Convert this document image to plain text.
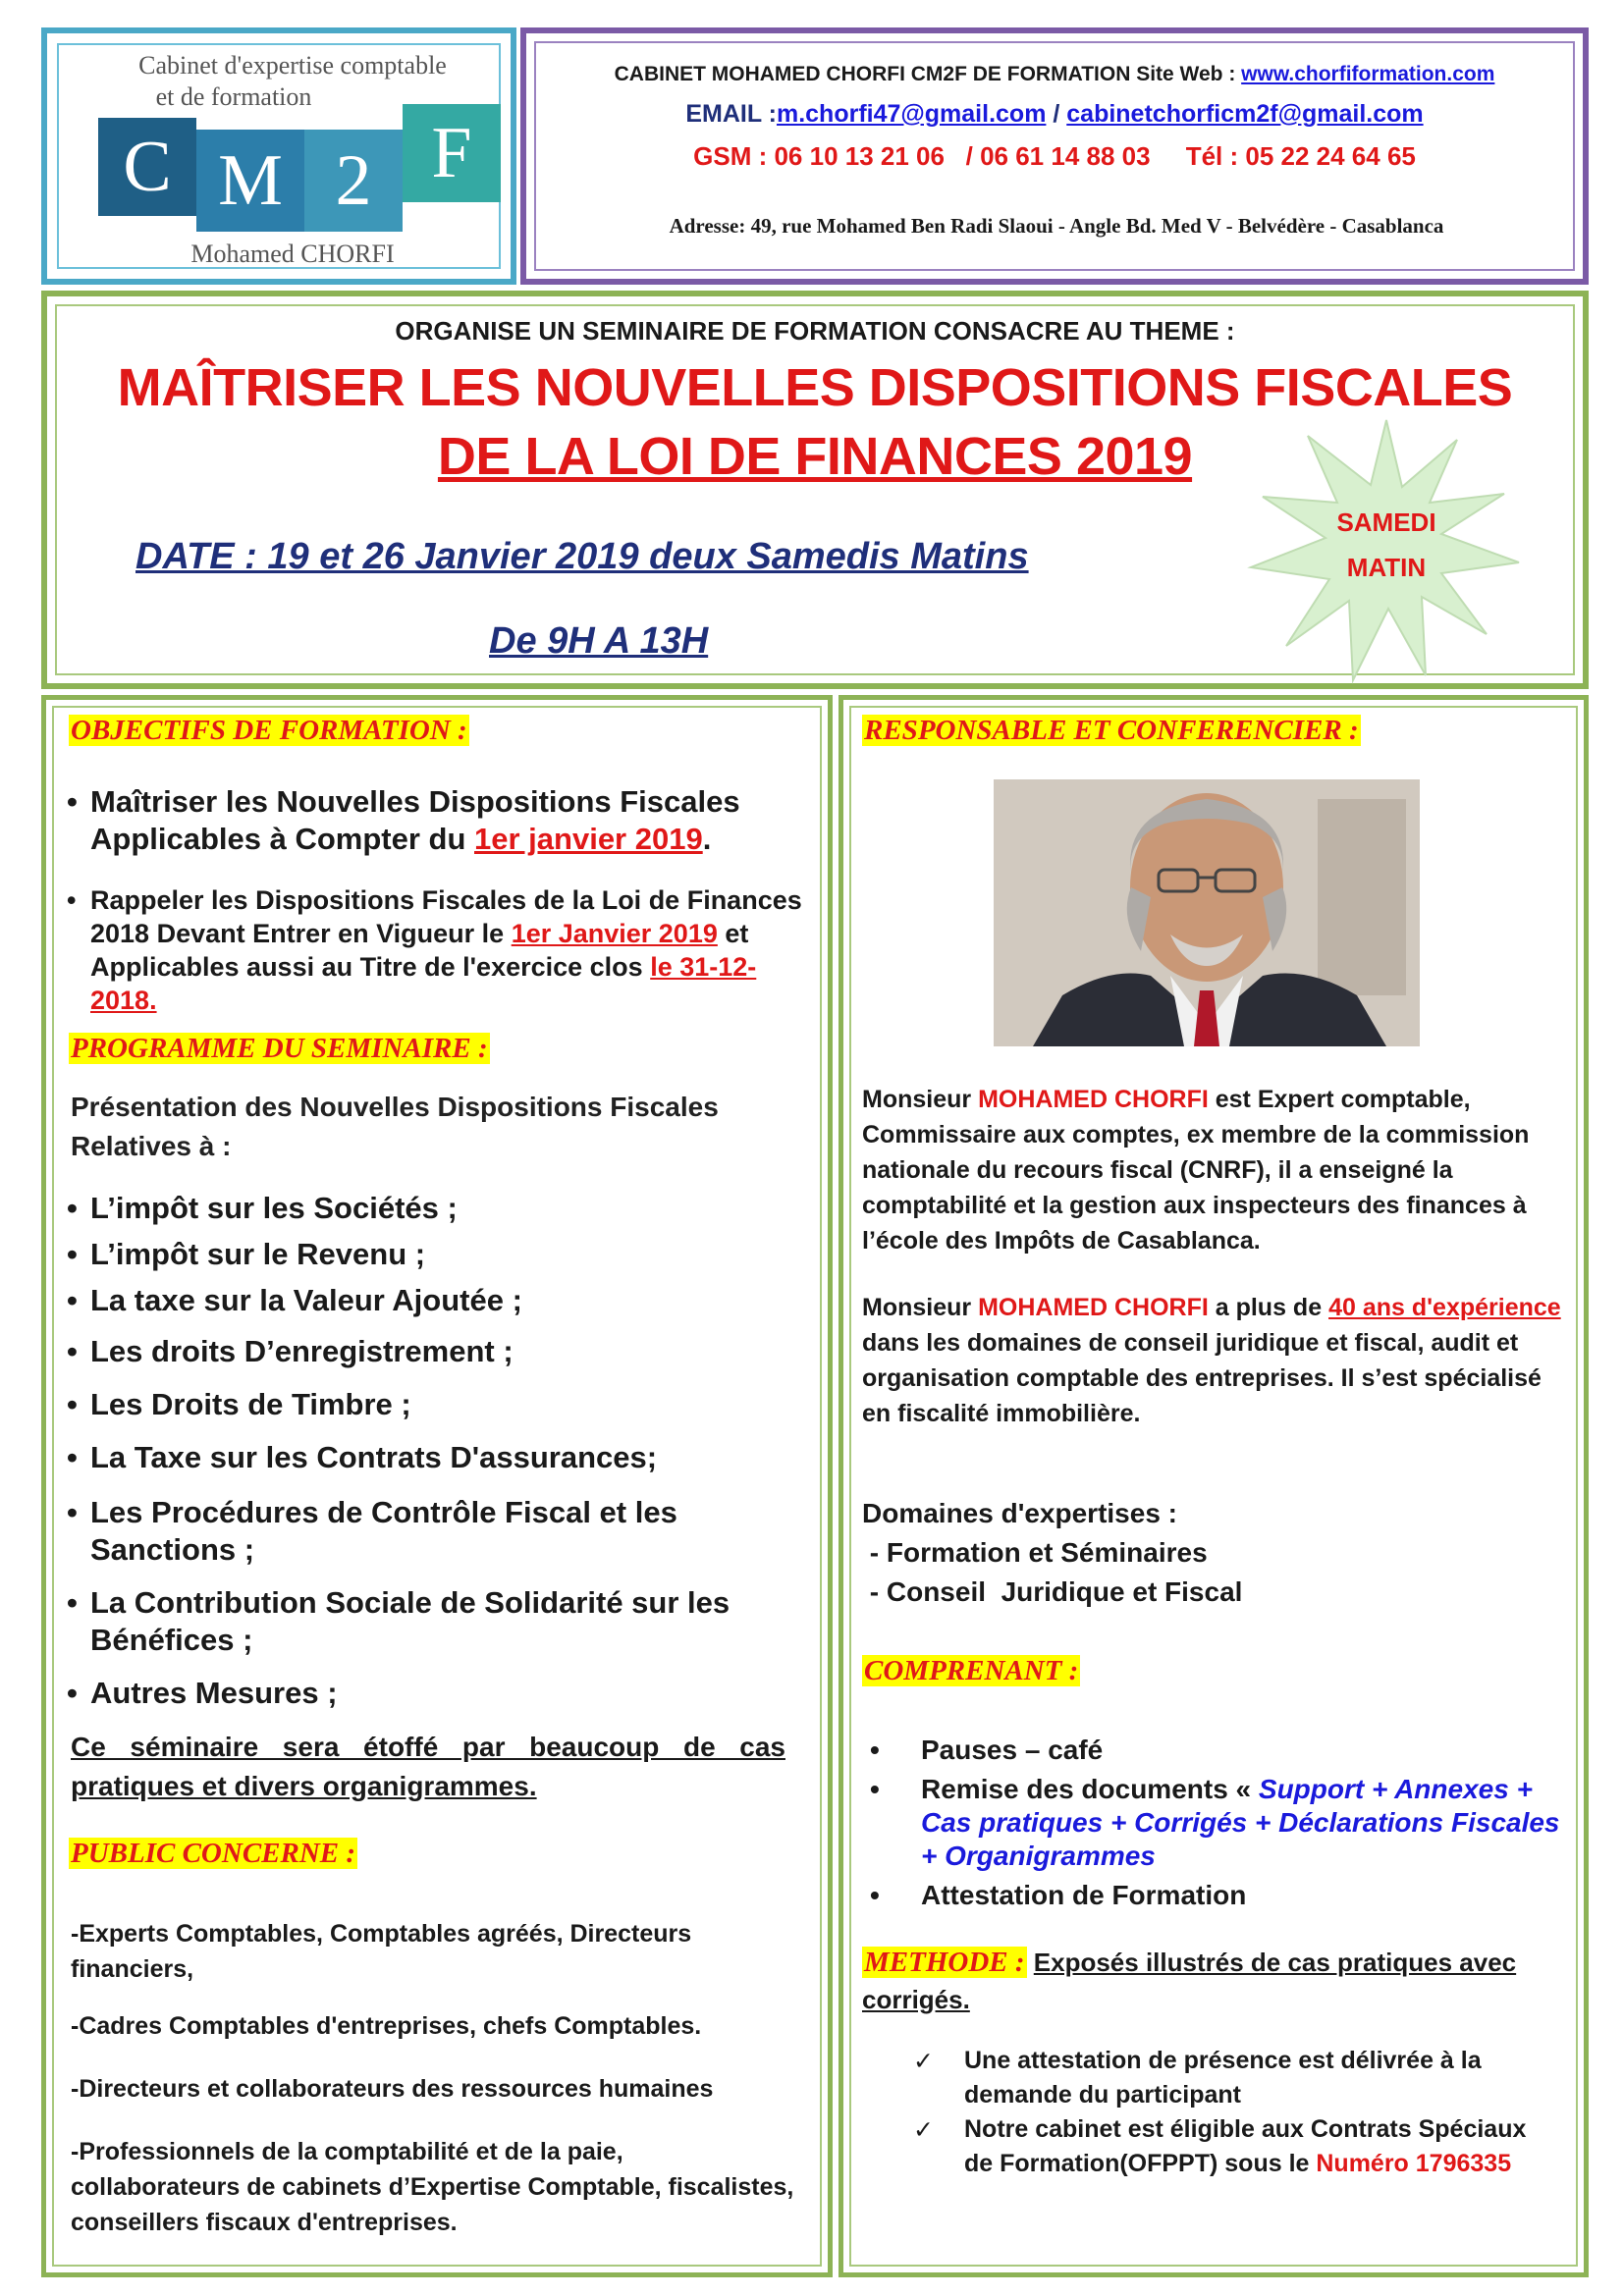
Cabinet d'expertise comptable
et de formation
C M 2 F
Mohamed CHORFI
CABINET MOHAMED CHORFI CM2F DE FORMATION Site Web : www.chorfiformation.com
EMAIL :m.chorfi47@gmail.com / cabinetchorficm2f@gmail.com
GSM : 06 10 13 21 06   / 06 61 14 88 03     Tél : 05 22 24 64 65
Adresse: 49, rue Mohamed Ben Radi Slaoui - Angle Bd. Med V - Belvédère - Casablanca
ORGANISE UN SEMINAIRE DE FORMATION CONSACRE AU THEME :
MAÎTRISER LES NOUVELLES DISPOSITIONS FISCALES
DE LA LOI DE FINANCES 2019
DATE : 19 et 26 Janvier 2019 deux Samedis Matins
De 9H A 13H
SAMEDI
MATIN
OBJECTIFS DE FORMATION :
• Maîtriser les Nouvelles Dispositions Fiscales Applicables à Compter du 1er janvier 2019.
• Rappeler les Dispositions Fiscales de la Loi de Finances 2018 Devant Entrer en Vigueur le 1er Janvier 2019 et Applicables aussi au Titre de l'exercice clos le 31-12-2018.
PROGRAMME DU SEMINAIRE :
Présentation des Nouvelles Dispositions Fiscales Relatives à :
• L’impôt sur les Sociétés ;
• L’impôt sur le Revenu ;
• La taxe sur la Valeur Ajoutée ;
• Les droits D’enregistrement ;
• Les Droits de Timbre ;
• La Taxe sur les Contrats D'assurances;
• Les Procédures de Contrôle Fiscal et les Sanctions ;
• La Contribution Sociale de Solidarité sur les Bénéfices ;
• Autres Mesures ;
Ce séminaire sera étoffé par beaucoup de cas pratiques et divers organigrammes.
PUBLIC CONCERNE :
-Experts Comptables, Comptables agréés, Directeurs financiers,
-Cadres Comptables d'entreprises, chefs Comptables.
-Directeurs et collaborateurs des ressources humaines
-Professionnels de la comptabilité et de la paie, collaborateurs de cabinets d’Expertise Comptable, fiscalistes, conseillers fiscaux d'entreprises.
RESPONSABLE ET CONFERENCIER :
Monsieur MOHAMED CHORFI est Expert comptable, Commissaire aux comptes, ex membre de la commission nationale du recours fiscal (CNRF), il a enseigné la comptabilité et la gestion aux inspecteurs des finances à l’école des Impôts de Casablanca.
Monsieur MOHAMED CHORFI a plus de 40 ans d'expérience dans les domaines de conseil juridique et fiscal, audit et organisation comptable des entreprises. Il s’est spécialisé en fiscalité immobilière.
Domaines d'expertises :
- Formation et Séminaires
- Conseil  Juridique et Fiscal
COMPRENANT :
• Pauses – café
• Remise des documents « Support + Annexes + Cas pratiques + Corrigés + Déclarations Fiscales + Organigrammes
• Attestation de Formation
METHODE : Exposés illustrés de cas pratiques avec corrigés.
✓ Une attestation de présence est délivrée à la demande du participant
✓ Notre cabinet est éligible aux Contrats Spéciaux de Formation(OFPPT) sous le Numéro 1796335
